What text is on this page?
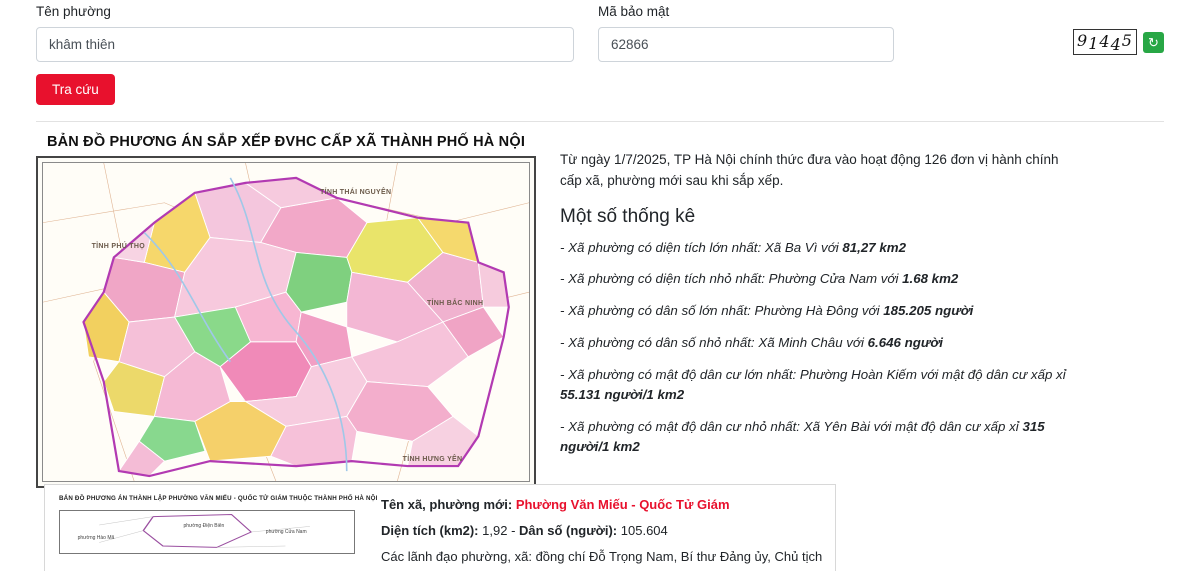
Tên phường
khâm thiên	Mã bảo mật
62866
9 1 4 4 5	↻
Tra cứu
BẢN ĐỒ PHƯƠNG ÁN SẮP XẾP ĐVHC CẤP XÃ THÀNH PHỐ HÀ NỘI
TỈNH THÁI NGUYÊN
TỈNH PHÚ THỌ
TỈNH BẮC NINH
TỈNH HƯNG YÊN

Từ ngày 1/7/2025, TP Hà Nội chính thức đưa vào hoạt động 126 đơn vị hành chính cấp xã, phường mới sau khi sắp xếp.

Một số thống kê
- Xã phường có diện tích lớn nhất: Xã Ba Vì với 81,27 km2
- Xã phường có diện tích nhỏ nhất: Phường Cửa Nam với 1.68 km2
- Xã phường có dân số lớn nhất: Phường Hà Đông với 185.205 người
- Xã phường có dân số nhỏ nhất: Xã Minh Châu với 6.646 người
- Xã phường có mật độ dân cư lớn nhất: Phường Hoàn Kiếm với mật độ dân cư xấp xỉ 55.131 người/1 km2
- Xã phường có mật độ dân cư nhỏ nhất: Xã Yên Bài với mật độ dân cư xấp xỉ 315 người/1 km2
BẢN ĐỒ PHƯƠNG ÁN THÀNH LẬP PHƯỜNG VĂN MIẾU - QUỐC TỬ GIÁM THUỘC THÀNH PHỐ HÀ NỘI
phường Hào Mã
phường Điện Biên
phường Cửa Nam
Tên xã, phường mới: Phường Văn Miếu - Quốc Tử Giám
Diện tích (km2): 1,92 - Dân số (người): 105.604
Các lãnh đạo phường, xã: đồng chí Đỗ Trọng Nam, Bí thư Đảng ủy, Chủ tịch
